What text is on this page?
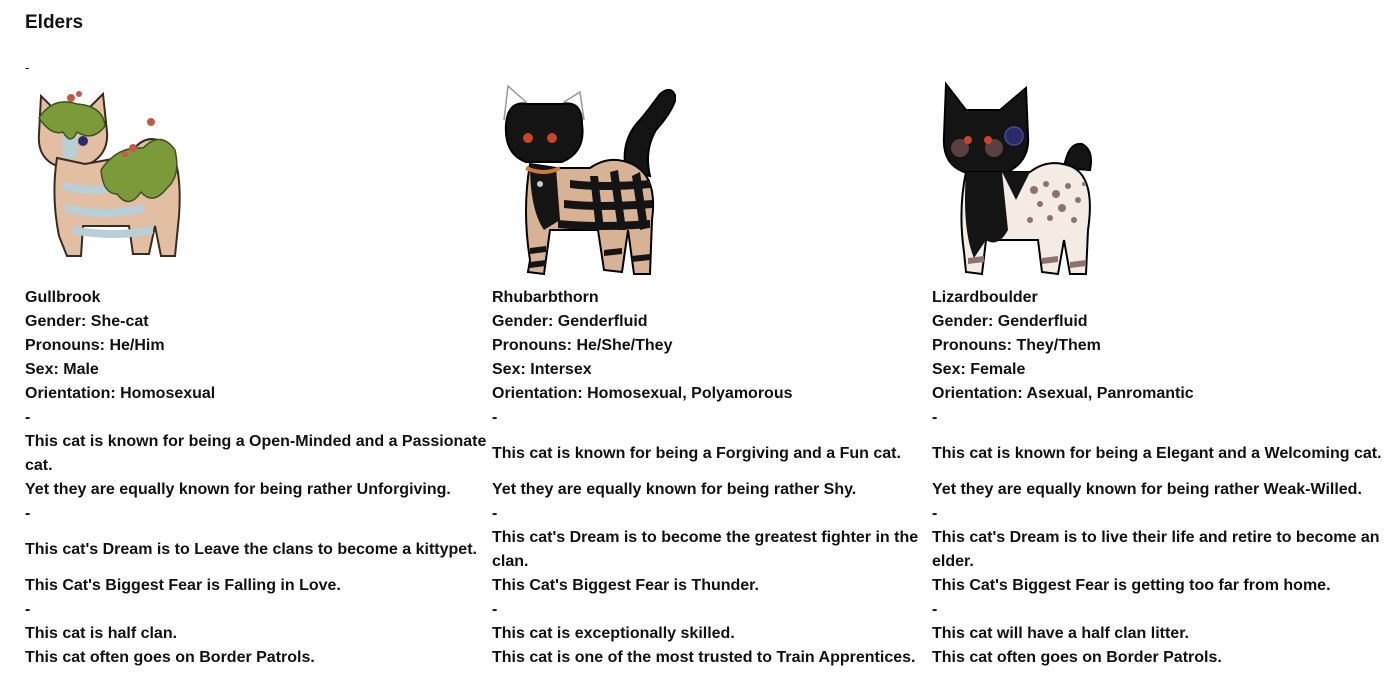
Elders
-
Gullbrook
Gender: She-cat
Pronouns: He/Him
Sex: Male
Orientation: Homosexual
-
This cat is known for being a Open-Minded and a Passionate cat.
Yet they are equally known for being rather Unforgiving.
-
This cat's Dream is to Leave the clans to become a kittypet.
This Cat's Biggest Fear is Falling in Love.
-
This cat is half clan.
This cat often goes on Border Patrols.
Rhubarbthorn
Gender: Genderfluid
Pronouns: He/She/They
Sex: Intersex
Orientation: Homosexual, Polyamorous
-
This cat is known for being a Forgiving and a Fun cat.
Yet they are equally known for being rather Shy.
-
This cat's Dream is to become the greatest fighter in the clan.
This Cat's Biggest Fear is Thunder.
-
This cat is exceptionally skilled.
This cat is one of the most trusted to Train Apprentices.
Lizardboulder
Gender: Genderfluid
Pronouns: They/Them
Sex: Female
Orientation: Asexual, Panromantic
-
This cat is known for being a Elegant and a Welcoming cat.
Yet they are equally known for being rather Weak-Willed.
-
This cat's Dream is to live their life and retire to become an elder.
This Cat's Biggest Fear is getting too far from home.
-
This cat will have a half clan litter.
This cat often goes on Border Patrols.
